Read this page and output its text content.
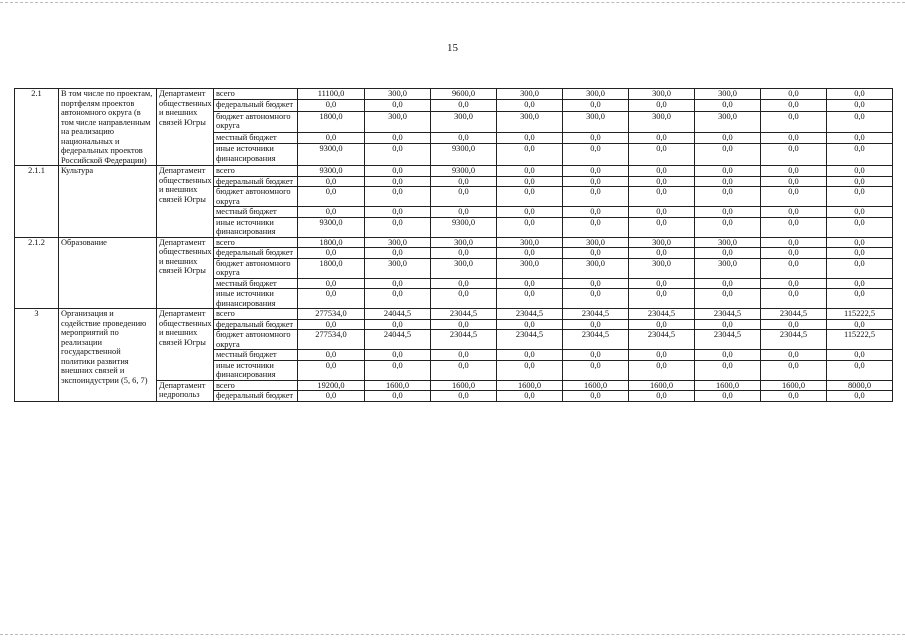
15
2.1	В том числе по проектам, портфелям проектов автономного округа (в том числе направленным на реализацию национальных и федеральных проектов Российской Федерации)	Департамент общественных и внешних связей Югры	всего	11100,0	300,0	9600,0	300,0	300,0	300,0	300,0	0,0	0,0
			федеральный бюджет	0,0	0,0	0,0	0,0	0,0	0,0	0,0	0,0	0,0
			бюджет автономного округа	1800,0	300,0	300,0	300,0	300,0	300,0	300,0	0,0	0,0
			местный бюджет	0,0	0,0	0,0	0,0	0,0	0,0	0,0	0,0	0,0
			иные источники финансирования	9300,0	0,0	9300,0	0,0	0,0	0,0	0,0	0,0	0,0
2.1.1	Культура	Департамент общественных и внешних связей Югры	всего	9300,0	0,0	9300,0	0,0	0,0	0,0	0,0	0,0	0,0
			федеральный бюджет	0,0	0,0	0,0	0,0	0,0	0,0	0,0	0,0	0,0
			бюджет автономного округа	0,0	0,0	0,0	0,0	0,0	0,0	0,0	0,0	0,0
			местный бюджет	0,0	0,0	0,0	0,0	0,0	0,0	0,0	0,0	0,0
			иные источники финансирования	9300,0	0,0	9300,0	0,0	0,0	0,0	0,0	0,0	0,0
2.1.2	Образование	Департамент общественных и внешних связей Югры	всего	1800,0	300,0	300,0	300,0	300,0	300,0	300,0	0,0	0,0
			федеральный бюджет	0,0	0,0	0,0	0,0	0,0	0,0	0,0	0,0	0,0
			бюджет автономного округа	1800,0	300,0	300,0	300,0	300,0	300,0	300,0	0,0	0,0
			местный бюджет	0,0	0,0	0,0	0,0	0,0	0,0	0,0	0,0	0,0
			иные источники финансирования	0,0	0,0	0,0	0,0	0,0	0,0	0,0	0,0	0,0
3	Организация и содействие проведению мероприятий по реализации государственной политики развития внешних связей и экспоиндустрии (5, 6, 7)	Департамент общественных и внешних связей Югры	всего	277534,0	24044,5	23044,5	23044,5	23044,5	23044,5	23044,5	23044,5	115222,5
			федеральный бюджет	0,0	0,0	0,0	0,0	0,0	0,0	0,0	0,0	0,0
			бюджет автономного округа	277534,0	24044,5	23044,5	23044,5	23044,5	23044,5	23044,5	23044,5	115222,5
			местный бюджет	0,0	0,0	0,0	0,0	0,0	0,0	0,0	0,0	0,0
			иные источники финансирования	0,0	0,0	0,0	0,0	0,0	0,0	0,0	0,0	0,0
		Департамент недропольз	всего	19200,0	1600,0	1600,0	1600,0	1600,0	1600,0	1600,0	1600,0	8000,0
			федеральный бюджет	0,0	0,0	0,0	0,0	0,0	0,0	0,0	0,0	0,0
